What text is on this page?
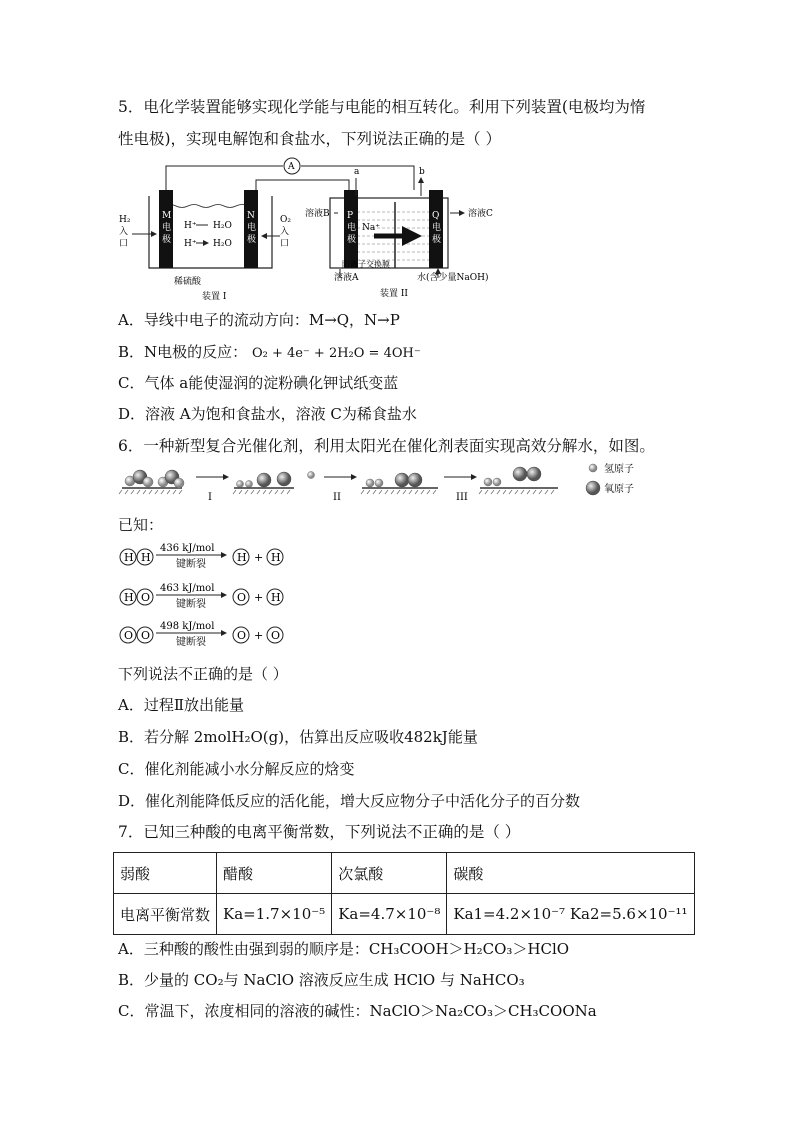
5．电化学装置能够实现化学能与电能的相互转化。利用下列装置(电极均为惰
性电极)，实现电解饱和食盐水，下列说法正确的是（ ）
A
M
电
极
N
电
极
H₂
入
口
O₂
入
口
H⁺
H⁺
H₂O
H₂O
稀硫酸
装置 I
P
电
极
Q
电
极
Na⁺
a	b
溶液B	溶液C
阳离子交换膜
溶液A	水(含少量NaOH)
装置 II
A．导线中电子的流动方向：M→Q，N→P
B．N电极的反应： O₂ + 4e⁻ + 2H₂O = 4OH⁻
C．气体 a能使湿润的淀粉碘化钾试纸变蓝
D．溶液 A为饱和食盐水，溶液 C为稀食盐水
6．一种新型复合光催化剂，利用太阳光在催化剂表面实现高效分解水，如图。
I	II	III
氢原子
氧原子
已知：
H H
436 kJ/mol
键断裂
H + H
H O
463 kJ/mol
键断裂
O + H
O O
498 kJ/mol
键断裂
O + O
下列说法不正确的是（ ）
A．过程Ⅱ放出能量
B．若分解 2molH₂O(g)，估算出反应吸收482kJ能量
C．催化剂能减小水分解反应的焓变
D．催化剂能降低反应的活化能，增大反应物分子中活化分子的百分数
7．已知三种酸的电离平衡常数，下列说法不正确的是（ ）
弱酸	醋酸	次氯酸	碳酸
电离平衡常数	Ka=1.7×10⁻⁵	Ka=4.7×10⁻⁸	Ka1=4.2×10⁻⁷ Ka2=5.6×10⁻¹¹
A．三种酸的酸性由强到弱的顺序是：CH₃COOH＞H₂CO₃＞HClO
B．少量的 CO₂与 NaClO 溶液反应生成 HClO 与 NaHCO₃
C．常温下，浓度相同的溶液的碱性：NaClO＞Na₂CO₃＞CH₃COONa
